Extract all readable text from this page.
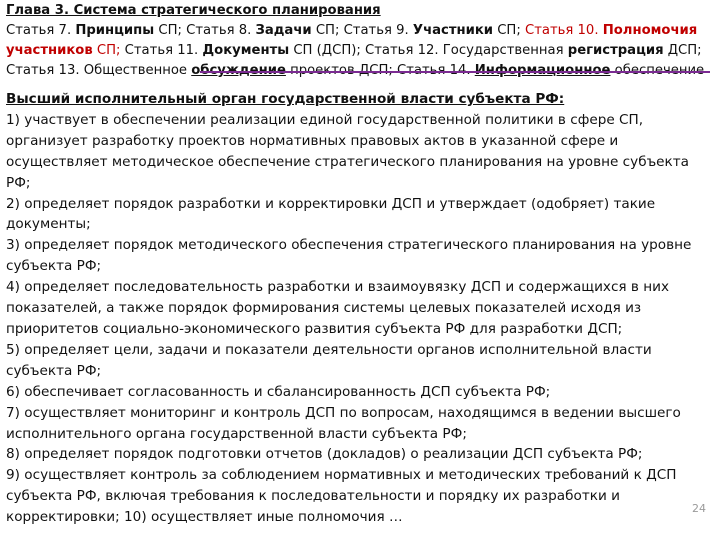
Глава 3. Система стратегического планирования
Статья 7. Принципы СП; Статья 8. Задачи СП; Статья 9. Участники СП; Статья 10. Полномочия участников СП; Статья 11. Документы СП (ДСП); Статья 12. Государственная регистрация ДСП; Статья 13. Общественное обсуждение проектов ДСП; Статья 14. Информационное обеспечение
Высший исполнительный орган государственной власти субъекта РФ:

1) участвует в обеспечении реализации единой государственной политики в сфере СП, организует разработку проектов нормативных правовых актов в указанной сфере и осуществляет методическое обеспечение стратегического планирования на уровне субъекта РФ;

2) определяет порядок разработки и корректировки ДСП и утверждает (одобряет) такие документы;

3) определяет порядок методического обеспечения стратегического планирования на уровне субъекта РФ;

4) определяет последовательность разработки и взаимоувязку ДСП и содержащихся в них показателей, а также порядок формирования системы целевых показателей исходя из приоритетов социально-экономического развития субъекта РФ для разработки ДСП;

5) определяет цели, задачи и показатели деятельности органов исполнительной власти субъекта РФ;

6) обеспечивает согласованность и сбалансированность ДСП субъекта РФ;

7) осуществляет мониторинг и контроль ДСП по вопросам, находящимся в ведении высшего исполнительного органа государственной власти субъекта РФ;

8) определяет порядок подготовки отчетов (докладов) о реализации ДСП субъекта РФ;

9) осуществляет контроль за соблюдением нормативных и методических требований к ДСП субъекта РФ, включая требования к последовательности и порядку их разработки и корректировки; 10) осуществляет иные полномочия …

24
